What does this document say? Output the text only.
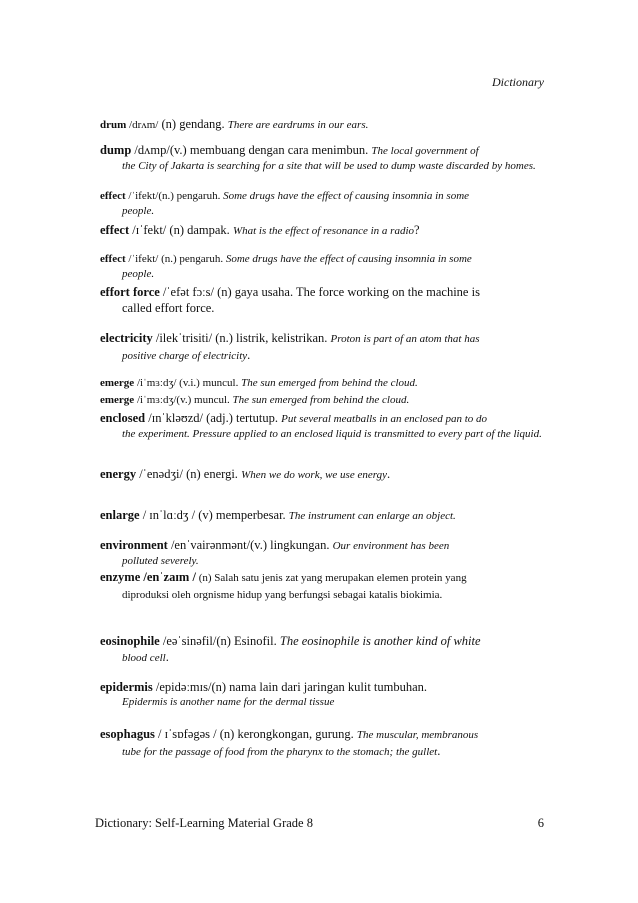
Dictionary

drum /drʌm/ (n) gendang. There are eardrums in our ears.

dump /dʌmp/(v.) membuang dengan cara menimbun. The local government of

the City of Jakarta is searching for a site that will be used to dump waste discarded by homes.

effect /ˈifekt/(n.) pengaruh. Some drugs have the effect of causing insomnia in some

people.

effect /ɪˈfekt/ (n) dampak. What is the effect of resonance in a radio?

effect /ˈifekt/ (n.) pengaruh. Some drugs have the effect of causing insomnia in some

people.

effort force /ˈefət fɔːs/ (n) gaya usaha. The force working on the machine is

called effort force.

electricity /ilekˈtrisiti/ (n.) listrik, kelistrikan. Proton is part of an atom that has

positive charge of electricity.

emerge /iˈmɜːdʒ/ (v.i.) muncul. The sun emerged from behind the cloud.

emerge /iˈmɜːdʒ/(v.) muncul. The sun emerged from behind the cloud.

enclosed /ɪnˈkləʊzd/ (adj.) tertutup. Put several meatballs in an enclosed pan to do

the experiment. Pressure applied to an enclosed liquid is transmitted to every part of the liquid.

energy /ˈenədʒi/ (n) energi. When we do work, we use energy.

enlarge / ɪnˈlɑːdʒ / (v) memperbesar. The instrument can enlarge an object.

environment /enˈvairənmənt/(v.) lingkungan. Our environment has been

polluted severely.

enzyme /enˈzaɪm / (n) Salah satu jenis zat yang merupakan elemen protein yang

diproduksi oleh orgnisme hidup yang berfungsi sebagai katalis biokimia.

eosinophile /eəˈsinəfil/(n) Esinofil. The eosinophile is another kind of white

blood cell.

epidermis /epidəːmɪs/(n) nama lain dari jaringan kulit tumbuhan.

Epidermis is another name for the dermal tissue

esophagus / ɪˈsɒfəgəs / (n) kerongkongan, gurung. The muscular, membranous

tube for the passage of food from the pharynx to the stomach; the gullet.

Dictionary: Self-Learning Material Grade 8	6
